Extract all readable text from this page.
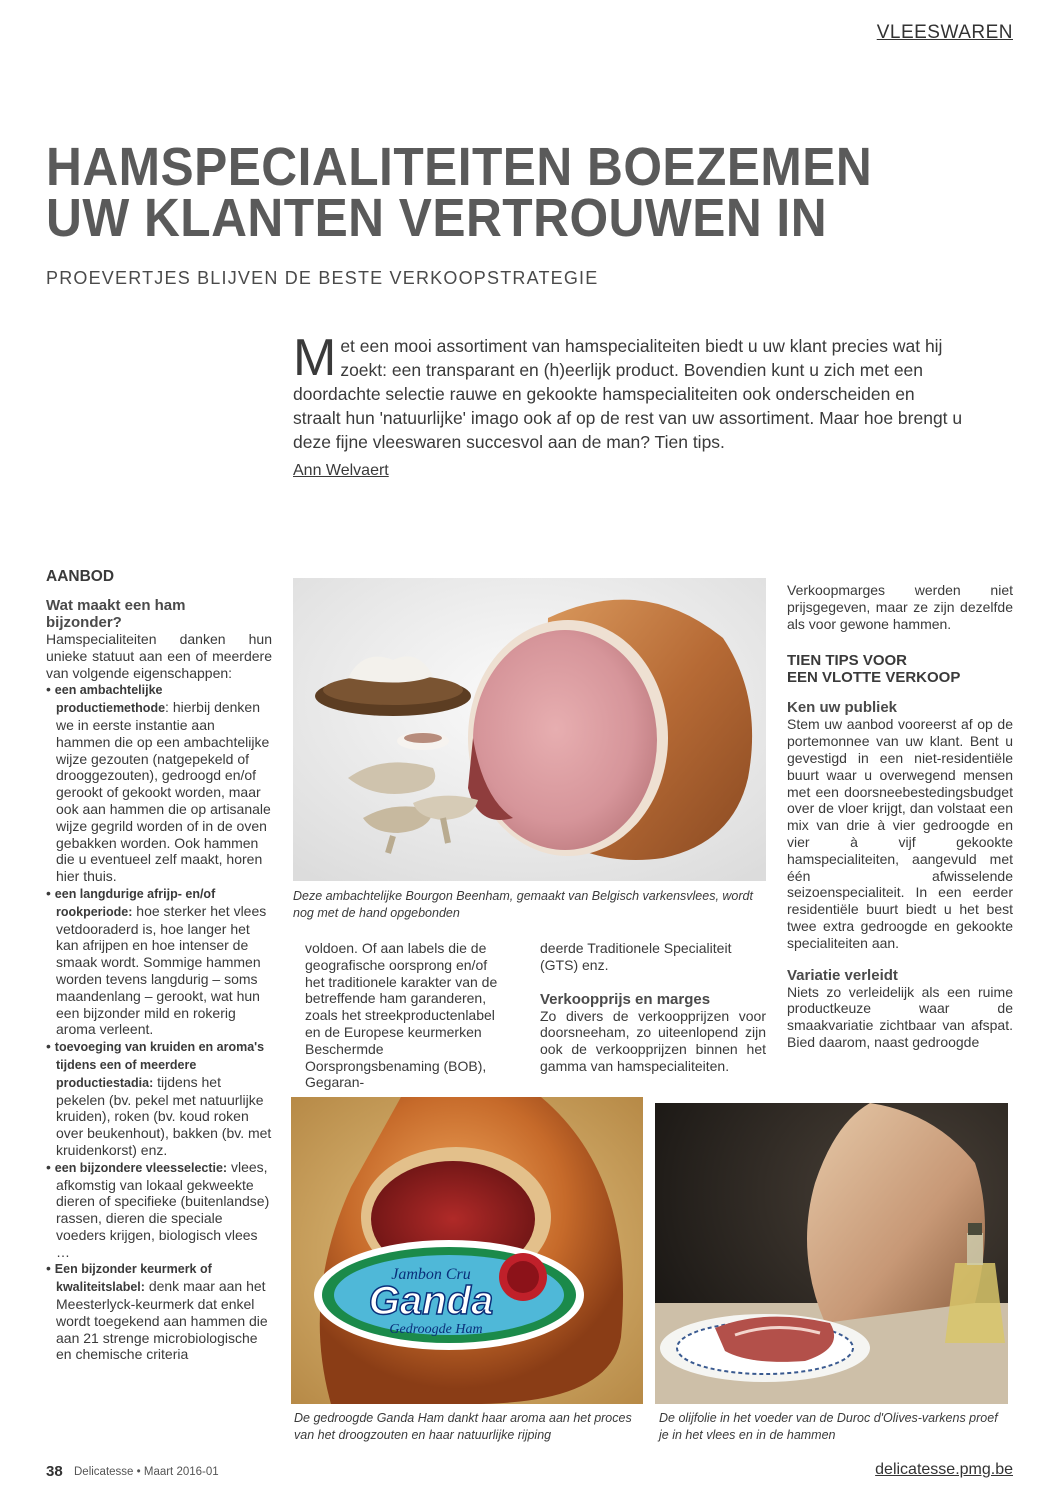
VLEESWAREN
HAMSPECIALITEITEN BOEZEMEN
UW KLANTEN VERTROUWEN IN
PROEVERTJES BLIJVEN DE BESTE VERKOOPSTRATEGIE
M et een mooi assortiment van hamspecialiteiten biedt u uw klant precies wat hij zoekt: een transparant en (h)eerlijk product. Bovendien kunt u zich met een doordachte selectie rauwe en gekookte hamspecialiteiten ook onderscheiden en straalt hun 'natuurlijke' imago ook af op de rest van uw assortiment. Maar hoe brengt u deze fijne vleeswaren succesvol aan de man? Tien tips.
Ann Welvaert
AANBOD
Wat maakt een ham bijzonder?

Hamspecialiteiten danken hun unieke statuut aan een of meerdere van volgende eigenschappen:

• een ambachtelijke productiemethode: hierbij denken we in eerste instantie aan hammen die op een ambachtelijke wijze gezouten (natgepekeld of drooggezouten), gedroogd en/of gerookt of gekookt worden, maar ook aan hammen die op artisanale wijze gegrild worden of in de oven gebakken worden. Ook hammen die u eventueel zelf maakt, horen hier thuis.
• een langdurige afrijp- en/of rookperiode: hoe sterker het vlees vetdooraderd is, hoe langer het kan afrijpen en hoe intenser de smaak wordt. Sommige hammen worden tevens langdurig – soms maandenlang – gerookt, wat hun een bijzonder mild en rokerig aroma verleent.
• toevoeging van kruiden en aroma's tijdens een of meerdere productiestadia: tijdens het pekelen (bv. pekel met natuurlijke kruiden), roken (bv. koud roken over beukenhout), bakken (bv. met kruidenkorst) enz.
• een bijzondere vleesselectie: vlees, afkomstig van lokaal gekweekte dieren of specifieke (buitenlandse) rassen, dieren die speciale voeders krijgen, biologisch vlees …
• Een bijzonder keurmerk of kwaliteitslabel: denk maar aan het Meesterlyck-keurmerk dat enkel wordt toegekend aan hammen die aan 21 strenge microbiologische en chemische criteria
Deze ambachtelijke Bourgon Beenham, gemaakt van Belgisch varkensvlees, wordt nog met de hand opgebonden

voldoen. Of aan labels die de geografische oorsprong en/of het traditionele karakter van de betreffende ham garanderen, zoals het streekproductenlabel en de Europese keurmerken Beschermde Oorsprongsbenaming (BOB), Gegaran-

deerde Traditionele Specialiteit (GTS) enz.

Verkoopprijs en marges

Zo divers de verkoopprijzen voor doorsneeham, zo uiteenlopend zijn ook de verkoopprijzen binnen het gamma van hamspecialiteiten.

Verkoopmarges werden niet prijsgegeven, maar ze zijn dezelfde als voor gewone hammen.

TIEN TIPS VOOR
EEN VLOTTE VERKOOP
Ken uw publiek

Stem uw aanbod vooreerst af op de portemonnee van uw klant. Bent u gevestigd in een niet-residentiële buurt waar u overwegend mensen met een doorsneebestedingsbudget over de vloer krijgt, dan volstaat een mix van drie à vier gedroogde en vier à vijf gekookte hamspecialiteiten, aangevuld met één afwisselende seizoenspecialiteit. In een eerder residentiële buurt biedt u het best twee extra gedroogde en gekookte specialiteiten aan.

Variatie verleidt

Niets zo verleidelijk als een ruime productkeuze waar de smaakvariatie zichtbaar van afspat. Bied daarom, naast gedroogde

Jambon Cru
Ganda
Gedroogde Ham
De gedroogde Ganda Ham dankt haar aroma aan het proces van het droogzouten en haar natuurlijke rijping
De olijfolie in het voeder van de Duroc d'Olives-varkens proef je in het vlees en in de hammen
38 Delicatesse • Maart 2016-01	delicatesse.pmg.be
